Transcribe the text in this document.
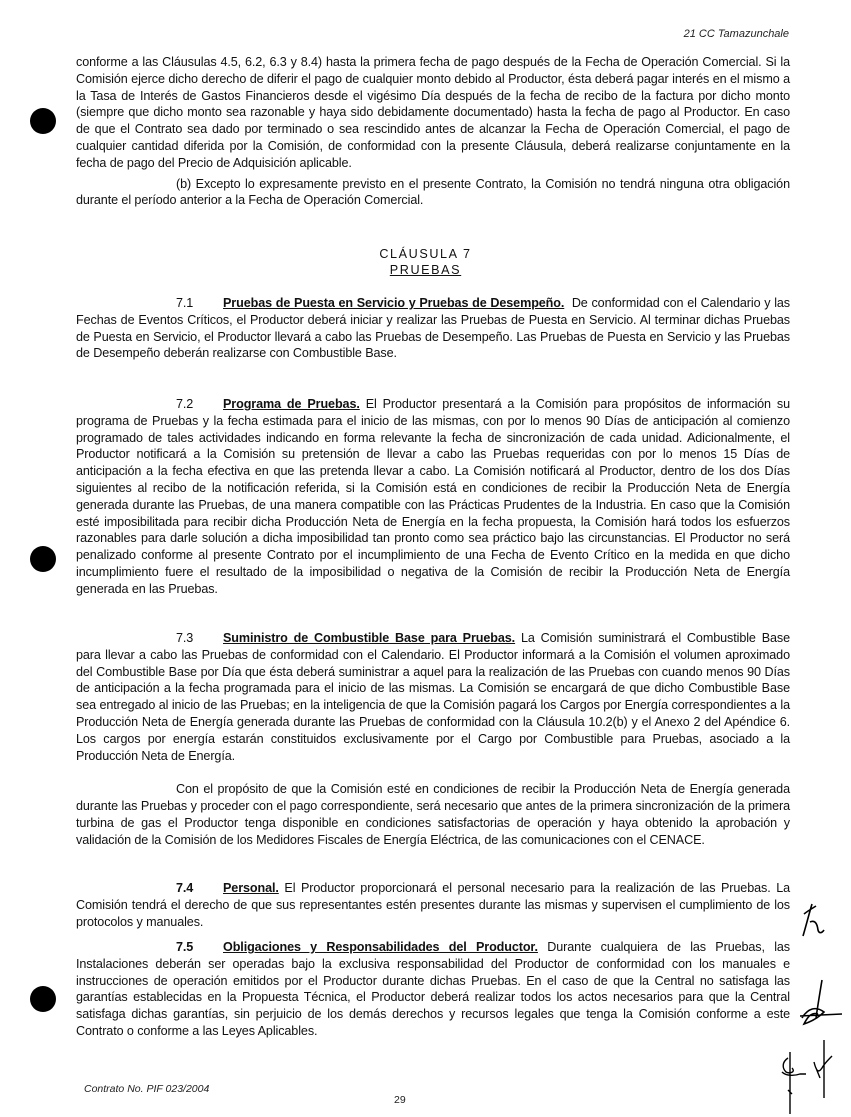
21 CC Tamazunchale

conforme a las Cláusulas 4.5, 6.2, 6.3 y 8.4) hasta la primera fecha de pago después de la Fecha de Operación Comercial. Si la Comisión ejerce dicho derecho de diferir el pago de cualquier monto debido al Productor, ésta deberá pagar interés en el mismo a la Tasa de Interés de Gastos Financieros desde el vigésimo Día después de la fecha de recibo de la factura por dicho monto (siempre que dicho monto sea razonable y haya sido debidamente documentado) hasta la fecha de pago al Productor. En caso de que el Contrato sea dado por terminado o sea rescindido antes de alcanzar la Fecha de Operación Comercial, el pago de cualquier cantidad diferida por la Comisión, de conformidad con la presente Cláusula, deberá realizarse conjuntamente en la fecha de pago del Precio de Adquisición aplicable.

(b) Excepto lo expresamente previsto en el presente Contrato, la Comisión no tendrá ninguna otra obligación durante el período anterior a la Fecha de Operación Comercial.

CLÁUSULA 7
PRUEBAS

7.1 Pruebas de Puesta en Servicio y Pruebas de Desempeño. De conformidad con el Calendario y las Fechas de Eventos Críticos, el Productor deberá iniciar y realizar las Pruebas de Puesta en Servicio. Al terminar dichas Pruebas de Puesta en Servicio, el Productor llevará a cabo las Pruebas de Desempeño. Las Pruebas de Puesta en Servicio y las Pruebas de Desempeño deberán realizarse con Combustible Base.

7.2 Programa de Pruebas. El Productor presentará a la Comisión para propósitos de información su programa de Pruebas y la fecha estimada para el inicio de las mismas, con por lo menos 90 Días de anticipación al comienzo programado de tales actividades indicando en forma relevante la fecha de sincronización de cada unidad. Adicionalmente, el Productor notificará a la Comisión su pretensión de llevar a cabo las Pruebas requeridas con por lo menos 15 Días de anticipación a la fecha efectiva en que las pretenda llevar a cabo. La Comisión notificará al Productor, dentro de los dos Días siguientes al recibo de la notificación referida, si la Comisión está en condiciones de recibir la Producción Neta de Energía generada durante las Pruebas, de una manera compatible con las Prácticas Prudentes de la Industria. En caso que la Comisión esté imposibilitada para recibir dicha Producción Neta de Energía en la fecha propuesta, la Comisión hará todos los esfuerzos razonables para darle solución a dicha imposibilidad tan pronto como sea práctico bajo las circunstancias. El Productor no será penalizado conforme al presente Contrato por el incumplimiento de una Fecha de Evento Crítico en la medida en que dicho incumplimiento fuere el resultado de la imposibilidad o negativa de la Comisión de recibir la Producción Neta de Energía generada en las Pruebas.

7.3 Suministro de Combustible Base para Pruebas. La Comisión suministrará el Combustible Base para llevar a cabo las Pruebas de conformidad con el Calendario. El Productor informará a la Comisión el volumen aproximado del Combustible Base por Día que ésta deberá suministrar a aquel para la realización de las Pruebas con cuando menos 90 Días de anticipación a la fecha programada para el inicio de las mismas. La Comisión se encargará de que dicho Combustible Base sea entregado al inicio de las Pruebas; en la inteligencia de que la Comisión pagará los Cargos por Energía correspondientes a la Producción Neta de Energía generada durante las Pruebas de conformidad con la Cláusula 10.2(b) y el Anexo 2 del Apéndice 6. Los cargos por energía estarán constituidos exclusivamente por el Cargo por Combustible para Pruebas, asociado a la Producción Neta de Energía.

Con el propósito de que la Comisión esté en condiciones de recibir la Producción Neta de Energía generada durante las Pruebas y proceder con el pago correspondiente, será necesario que antes de la primera sincronización de la primera turbina de gas el Productor tenga disponible en condiciones satisfactorias de operación y haya obtenido la aprobación y validación de la Comisión de los Medidores Fiscales de Energía Eléctrica, de las comunicaciones con el CENACE.

7.4 Personal. El Productor proporcionará el personal necesario para la realización de las Pruebas. La Comisión tendrá el derecho de que sus representantes estén presentes durante las mismas y supervisen el cumplimiento de los protocolos y manuales.

7.5 Obligaciones y Responsabilidades del Productor. Durante cualquiera de las Pruebas, las Instalaciones deberán ser operadas bajo la exclusiva responsabilidad del Productor de conformidad con los manuales e instrucciones de operación emitidos por el Productor durante dichas Pruebas. En el caso de que la Central no satisfaga las garantías establecidas en la Propuesta Técnica, el Productor deberá realizar todos los actos necesarios para que la Central satisfaga dichas garantías, sin perjuicio de los demás derechos y recursos legales que tenga la Comisión conforme a este Contrato o conforme a las Leyes Aplicables.

Contrato No. PIF 023/2004
29
